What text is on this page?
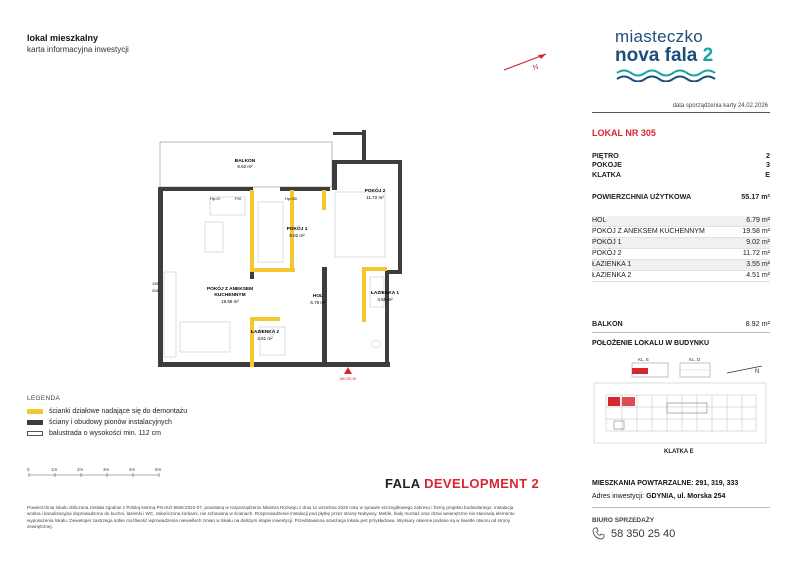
lokal mieszkalny
karta informacyjna inwestycji
N
miasteczko
nova fala 2
data sporządzenia karty 24.02.2026
LOKAL NR 305
PIĘTRO	2
POKOJE	3
KLATKA	E
POWIERZCHNIA UŻYTKOWA	55.17 m²
HOL	6.79 m²
POKÓJ Z ANEKSEM KUCHENNYM	19.58 m²
POKÓJ 1	9.02 m²
POKÓJ 2	11.72 m²
ŁAZIENKA 1	3.55 m²
ŁAZIENKA 2	4.51 m²
BALKON	8.92 m²
POŁOŻENIE LOKALU W BUDYNKU
KL. E	KL. D
N
KLATKA E
BALKON
8.92 m²
POKÓJ 2
11.72 m²
POKÓJ 1
9.02 m²
POKÓJ Z ANEKSEM
KUCHENNYM
19.58 m²
HOL
6.79 m²
ŁAZIENKA 1
3.55 m²
ŁAZIENKA 2
4.51 m²
FIX
Hp=0	Hp=30
135
206
WEJŚCIE
LEGENDA
ścianki działowe nadające się do demontażu
ściany i obudowy pionów instalacyjnych
balustrada o wysokości min. 112 cm
1m	2m	3m	4m	5m
0
FALA DEVELOPMENT 2
Powierzchnia lokalu obliczona została zgodnie z Polską Normą PN-ISO 9836:2022-07, powołaną w rozporządzeniu Ministra Rozwoju z dnia 11 września 2020 roku w sprawie szczegółowego zakresu i formy projektu budowlanego. Instalacja wodna i kanalizacyjna doprowadzona do kuchni, łazienki i WC, zakończona korkami, nie schowana w ścianach. Rozprowadzenie instalacji pod płytkę przez stronę Nabywcy. Meble, biały montaż oraz drzwi wewnętrzne nie stanowią elementu wyposażenia lokalu. Deweloper zastrzega sobie możliwość wprowadzenia niewielkich zmian w lokalu na dalszym etapie inwestycji. Przedstawiona aranżacja lokalu jest przykładowa. Wymiary okienne podane są w świetle otworu od strony zewnętrznej.
MIESZKANIA POWTARZALNE: 291, 319, 333
Adres inwestycji: GDYNIA, ul. Morska 254
BIURO SPRZEDAŻY
58 350 25 40
